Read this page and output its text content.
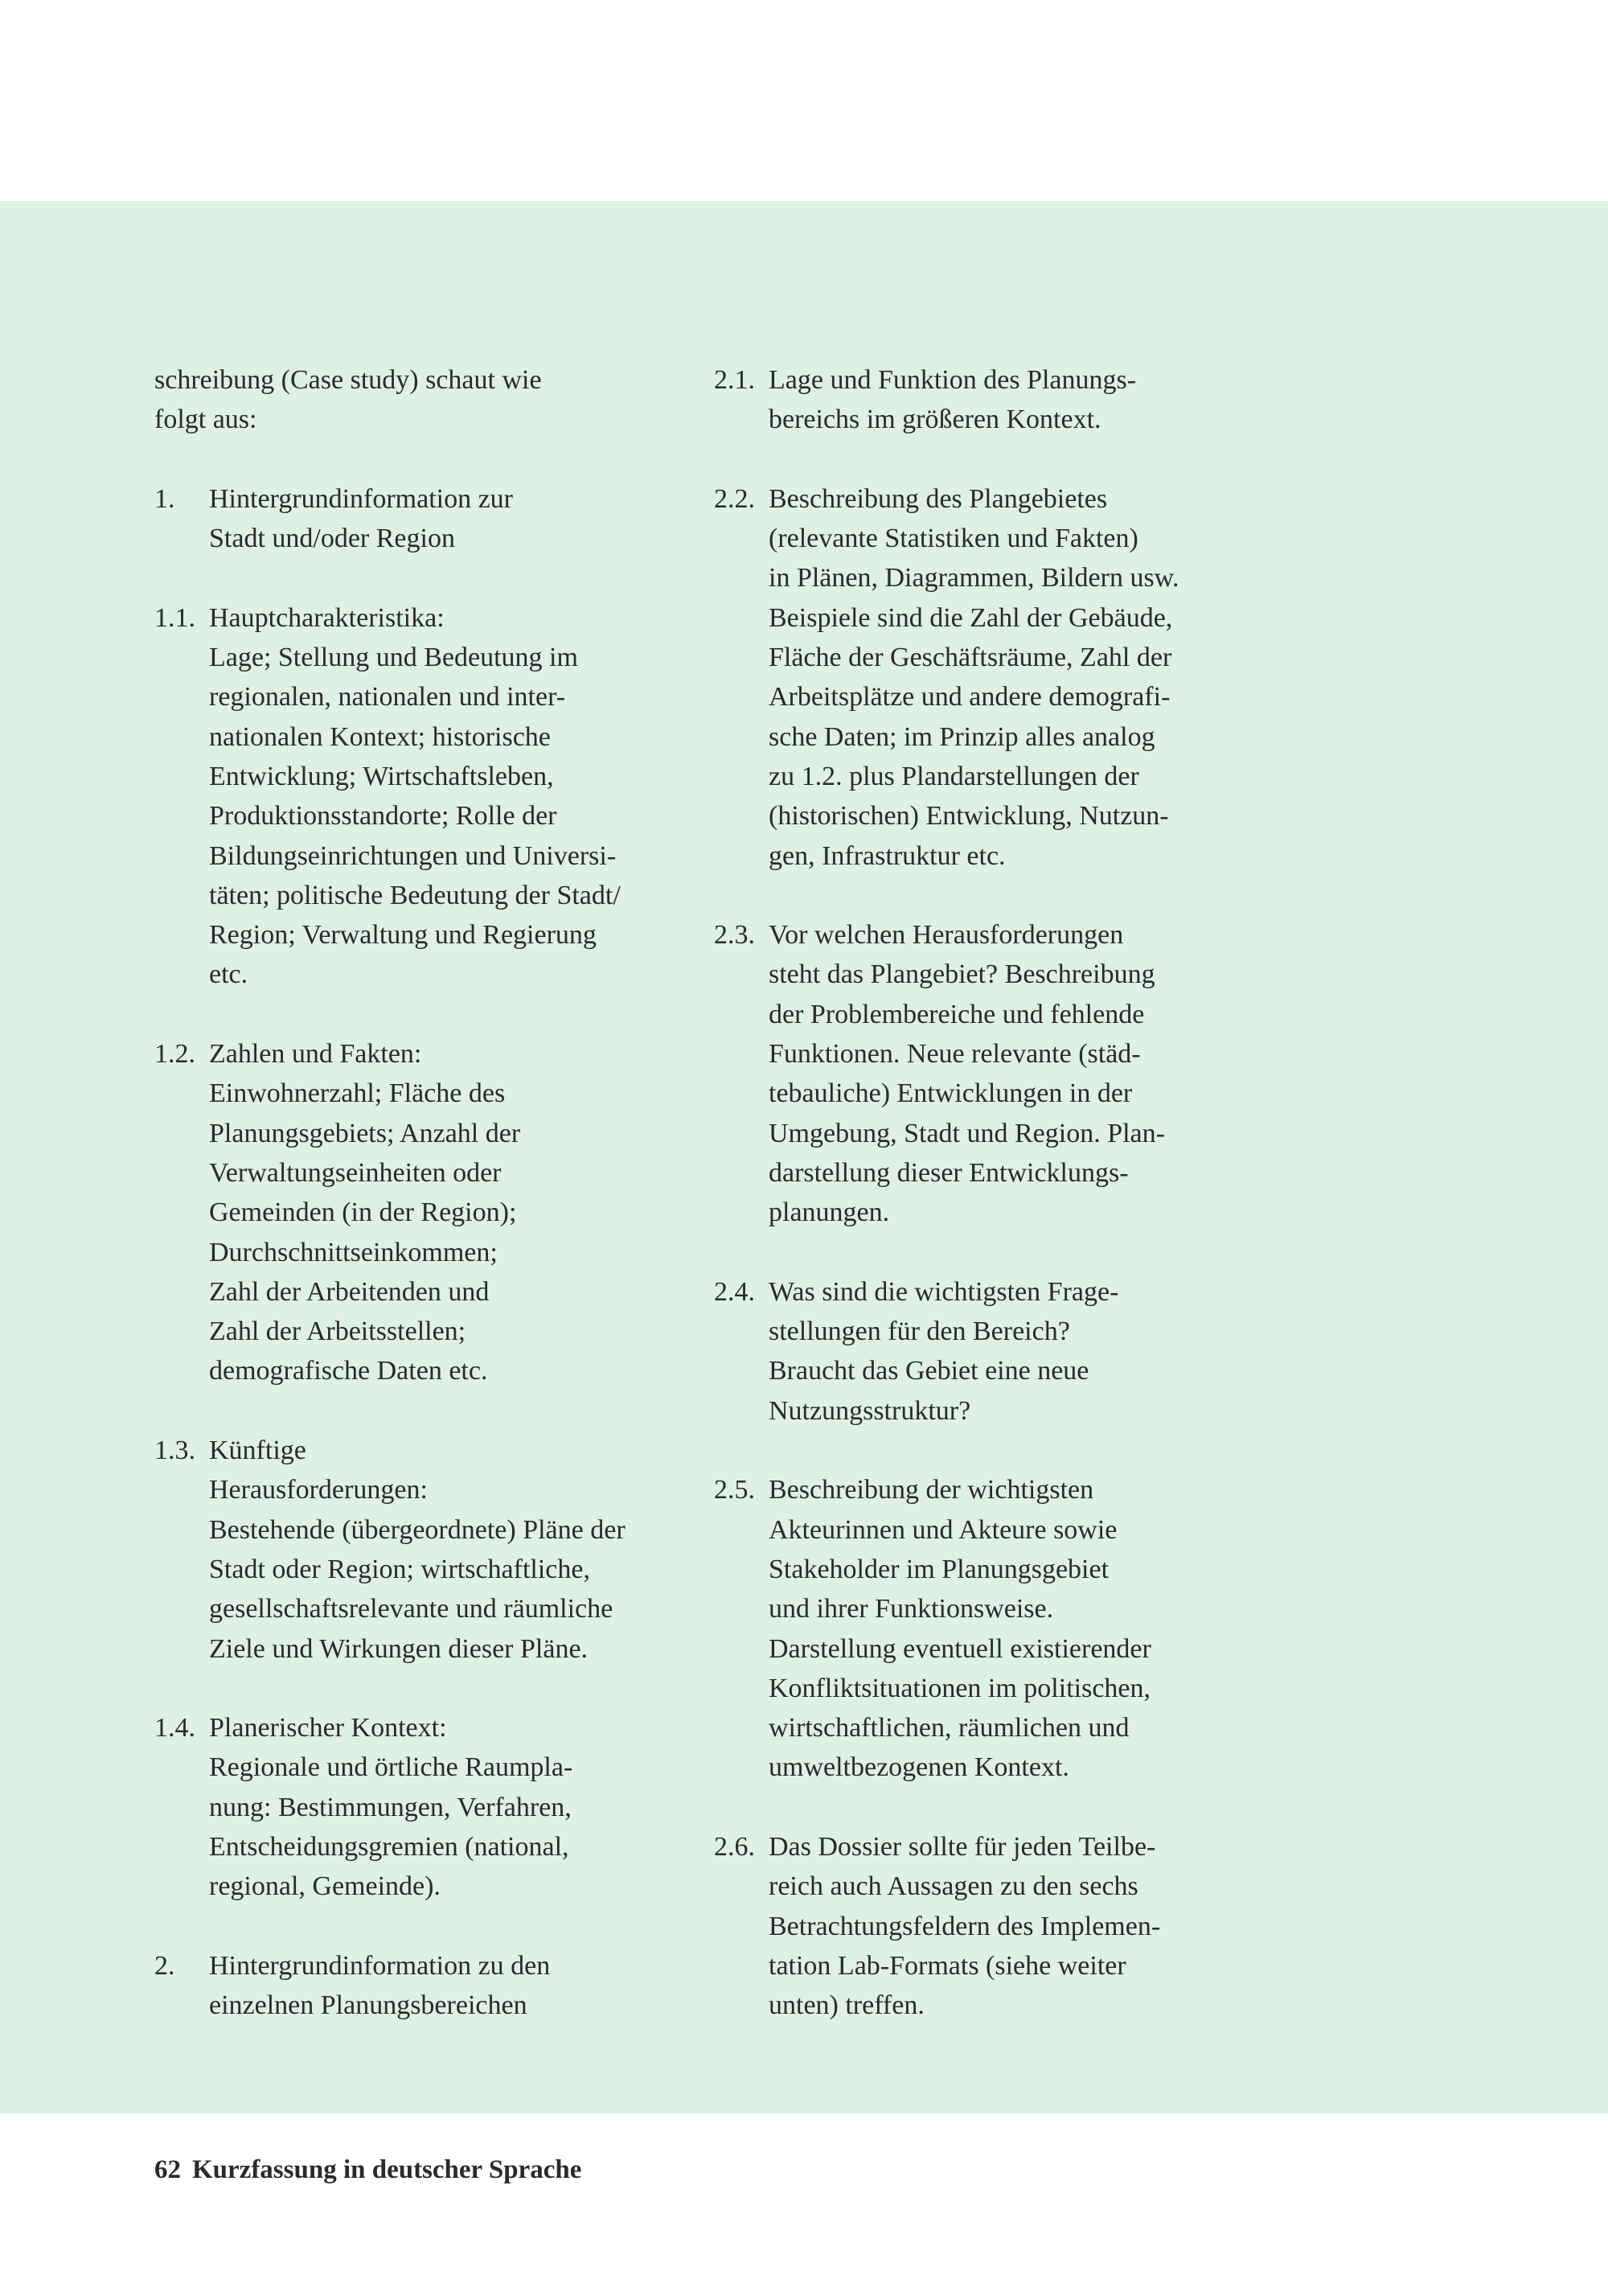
schreibung (Case study) schaut wie
folgt aus:
1. Hintergrundinformation zur
Stadt und/oder Region
1.1. Hauptcharakteristika:
Lage; Stellung und Bedeutung im
regionalen, nationalen und inter-
nationalen Kontext; historische
Entwicklung; Wirtschaftsleben,
Produktionsstandorte; Rolle der
Bildungseinrichtungen und Universi-
täten; politische Bedeutung der Stadt/
Region; Verwaltung und Regierung
etc.
1.2. Zahlen und Fakten:
Einwohnerzahl; Fläche des
Planungsgebiets; Anzahl der
Verwaltungseinheiten oder
Gemeinden (in der Region);
Durchschnittseinkommen;
Zahl der Arbeitenden und
Zahl der Arbeitsstellen;
demografische Daten etc.
1.3. Künftige
Herausforderungen:
Bestehende (übergeordnete) Pläne der
Stadt oder Region; wirtschaftliche,
gesellschaftsrelevante und räumliche
Ziele und Wirkungen dieser Pläne.
1.4. Planerischer Kontext:
Regionale und örtliche Raumpla-
nung: Bestimmungen, Verfahren,
Entscheidungsgremien (national,
regional, Gemeinde).
2. Hintergrundinformation zu den
einzelnen Planungsbereichen
2.1. Lage und Funktion des Planungs-
bereichs im größeren Kontext.
2.2. Beschreibung des Plangebietes
(relevante Statistiken und Fakten)
in Plänen, Diagrammen, Bildern usw.
Beispiele sind die Zahl der Gebäude,
Fläche der Geschäftsräume, Zahl der
Arbeitsplätze und andere demografi-
sche Daten; im Prinzip alles analog
zu 1.2. plus Plandarstellungen der
(historischen) Entwicklung, Nutzun-
gen, Infrastruktur etc.
2.3. Vor welchen Herausforderungen
steht das Plangebiet? Beschreibung
der Problembereiche und fehlende
Funktionen. Neue relevante (städ-
tebauliche) Entwicklungen in der
Umgebung, Stadt und Region. Plan-
darstellung dieser Entwicklungs-
planungen.
2.4. Was sind die wichtigsten Frage-
stellungen für den Bereich?
Braucht das Gebiet eine neue
Nutzungsstruktur?
2.5. Beschreibung der wichtigsten
Akteurinnen und Akteure sowie
Stakeholder im Planungsgebiet
und ihrer Funktionsweise.
Darstellung eventuell existierender
Konfliktsituationen im politischen,
wirtschaftlichen, räumlichen und
umweltbezogenen Kontext.
2.6. Das Dossier sollte für jeden Teilbe-
reich auch Aussagen zu den sechs
Betrachtungsfeldern des Implemen-
tation Lab-Formats (siehe weiter
unten) treffen.
62 Kurzfassung in deutscher Sprache
